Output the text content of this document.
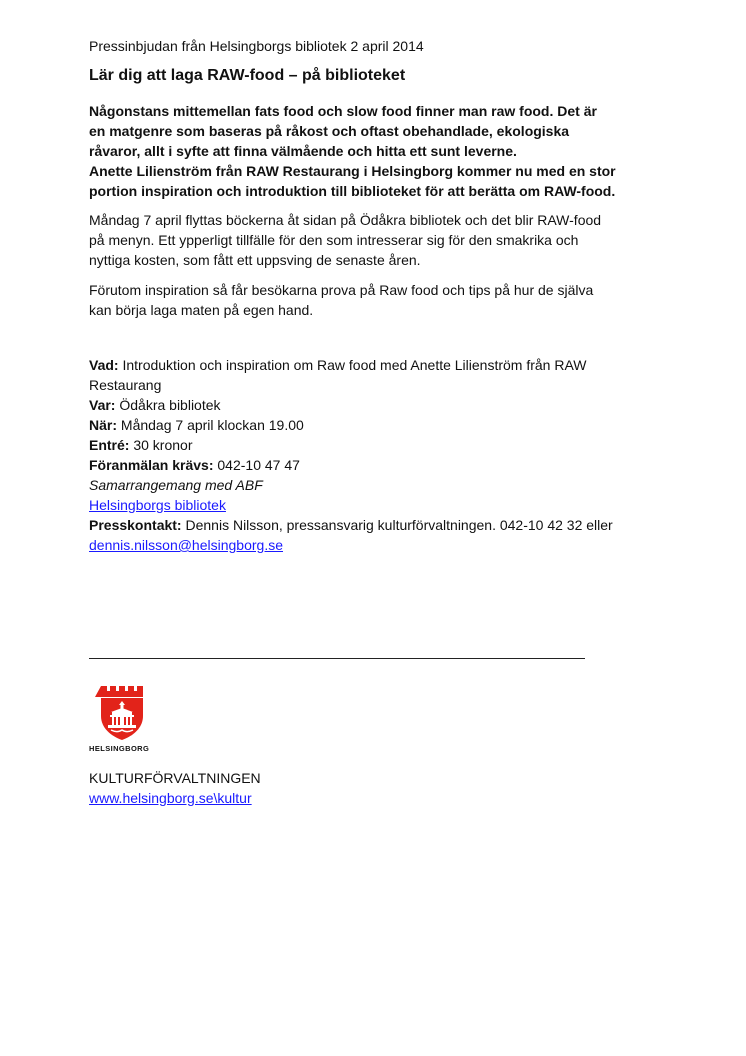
Pressinbjudan från Helsingborgs bibliotek 2 april 2014

Lär dig att laga RAW-food – på biblioteket
Någonstans mittemellan fats food och slow food finner man raw food. Det är
en matgenre som baseras på råkost och oftast obehandlade, ekologiska
råvaror, allt i syfte att finna välmående och hitta ett sunt leverne.
Anette Lilienström från RAW Restaurang i Helsingborg kommer nu med en stor
portion inspiration och introduktion till biblioteket för att berätta om RAW-food.
Måndag 7 april flyttas böckerna åt sidan på Ödåkra bibliotek och det blir RAW-food
på menyn. Ett ypperligt tillfälle för den som intresserar sig för den smakrika och
nyttiga kosten, som fått ett uppsving de senaste åren.
Förutom inspiration så får besökarna prova på Raw food och tips på hur de själva
kan börja laga maten på egen hand.
Vad: Introduktion och inspiration om Raw food med Anette Lilienström från RAW
Restaurang
Var: Ödåkra bibliotek
När: Måndag 7 april klockan 19.00
Entré: 30 kronor
Föranmälan krävs: 042-10 47 47
Samarrangemang med ABF
Helsingborgs bibliotek
Presskontakt: Dennis Nilsson, pressansvarig kulturförvaltningen. 042-10 42 32 eller
dennis.nilsson@helsingborg.se
HELSINGBORG
KULTURFÖRVALTNINGEN
www.helsingborg.se\kultur
